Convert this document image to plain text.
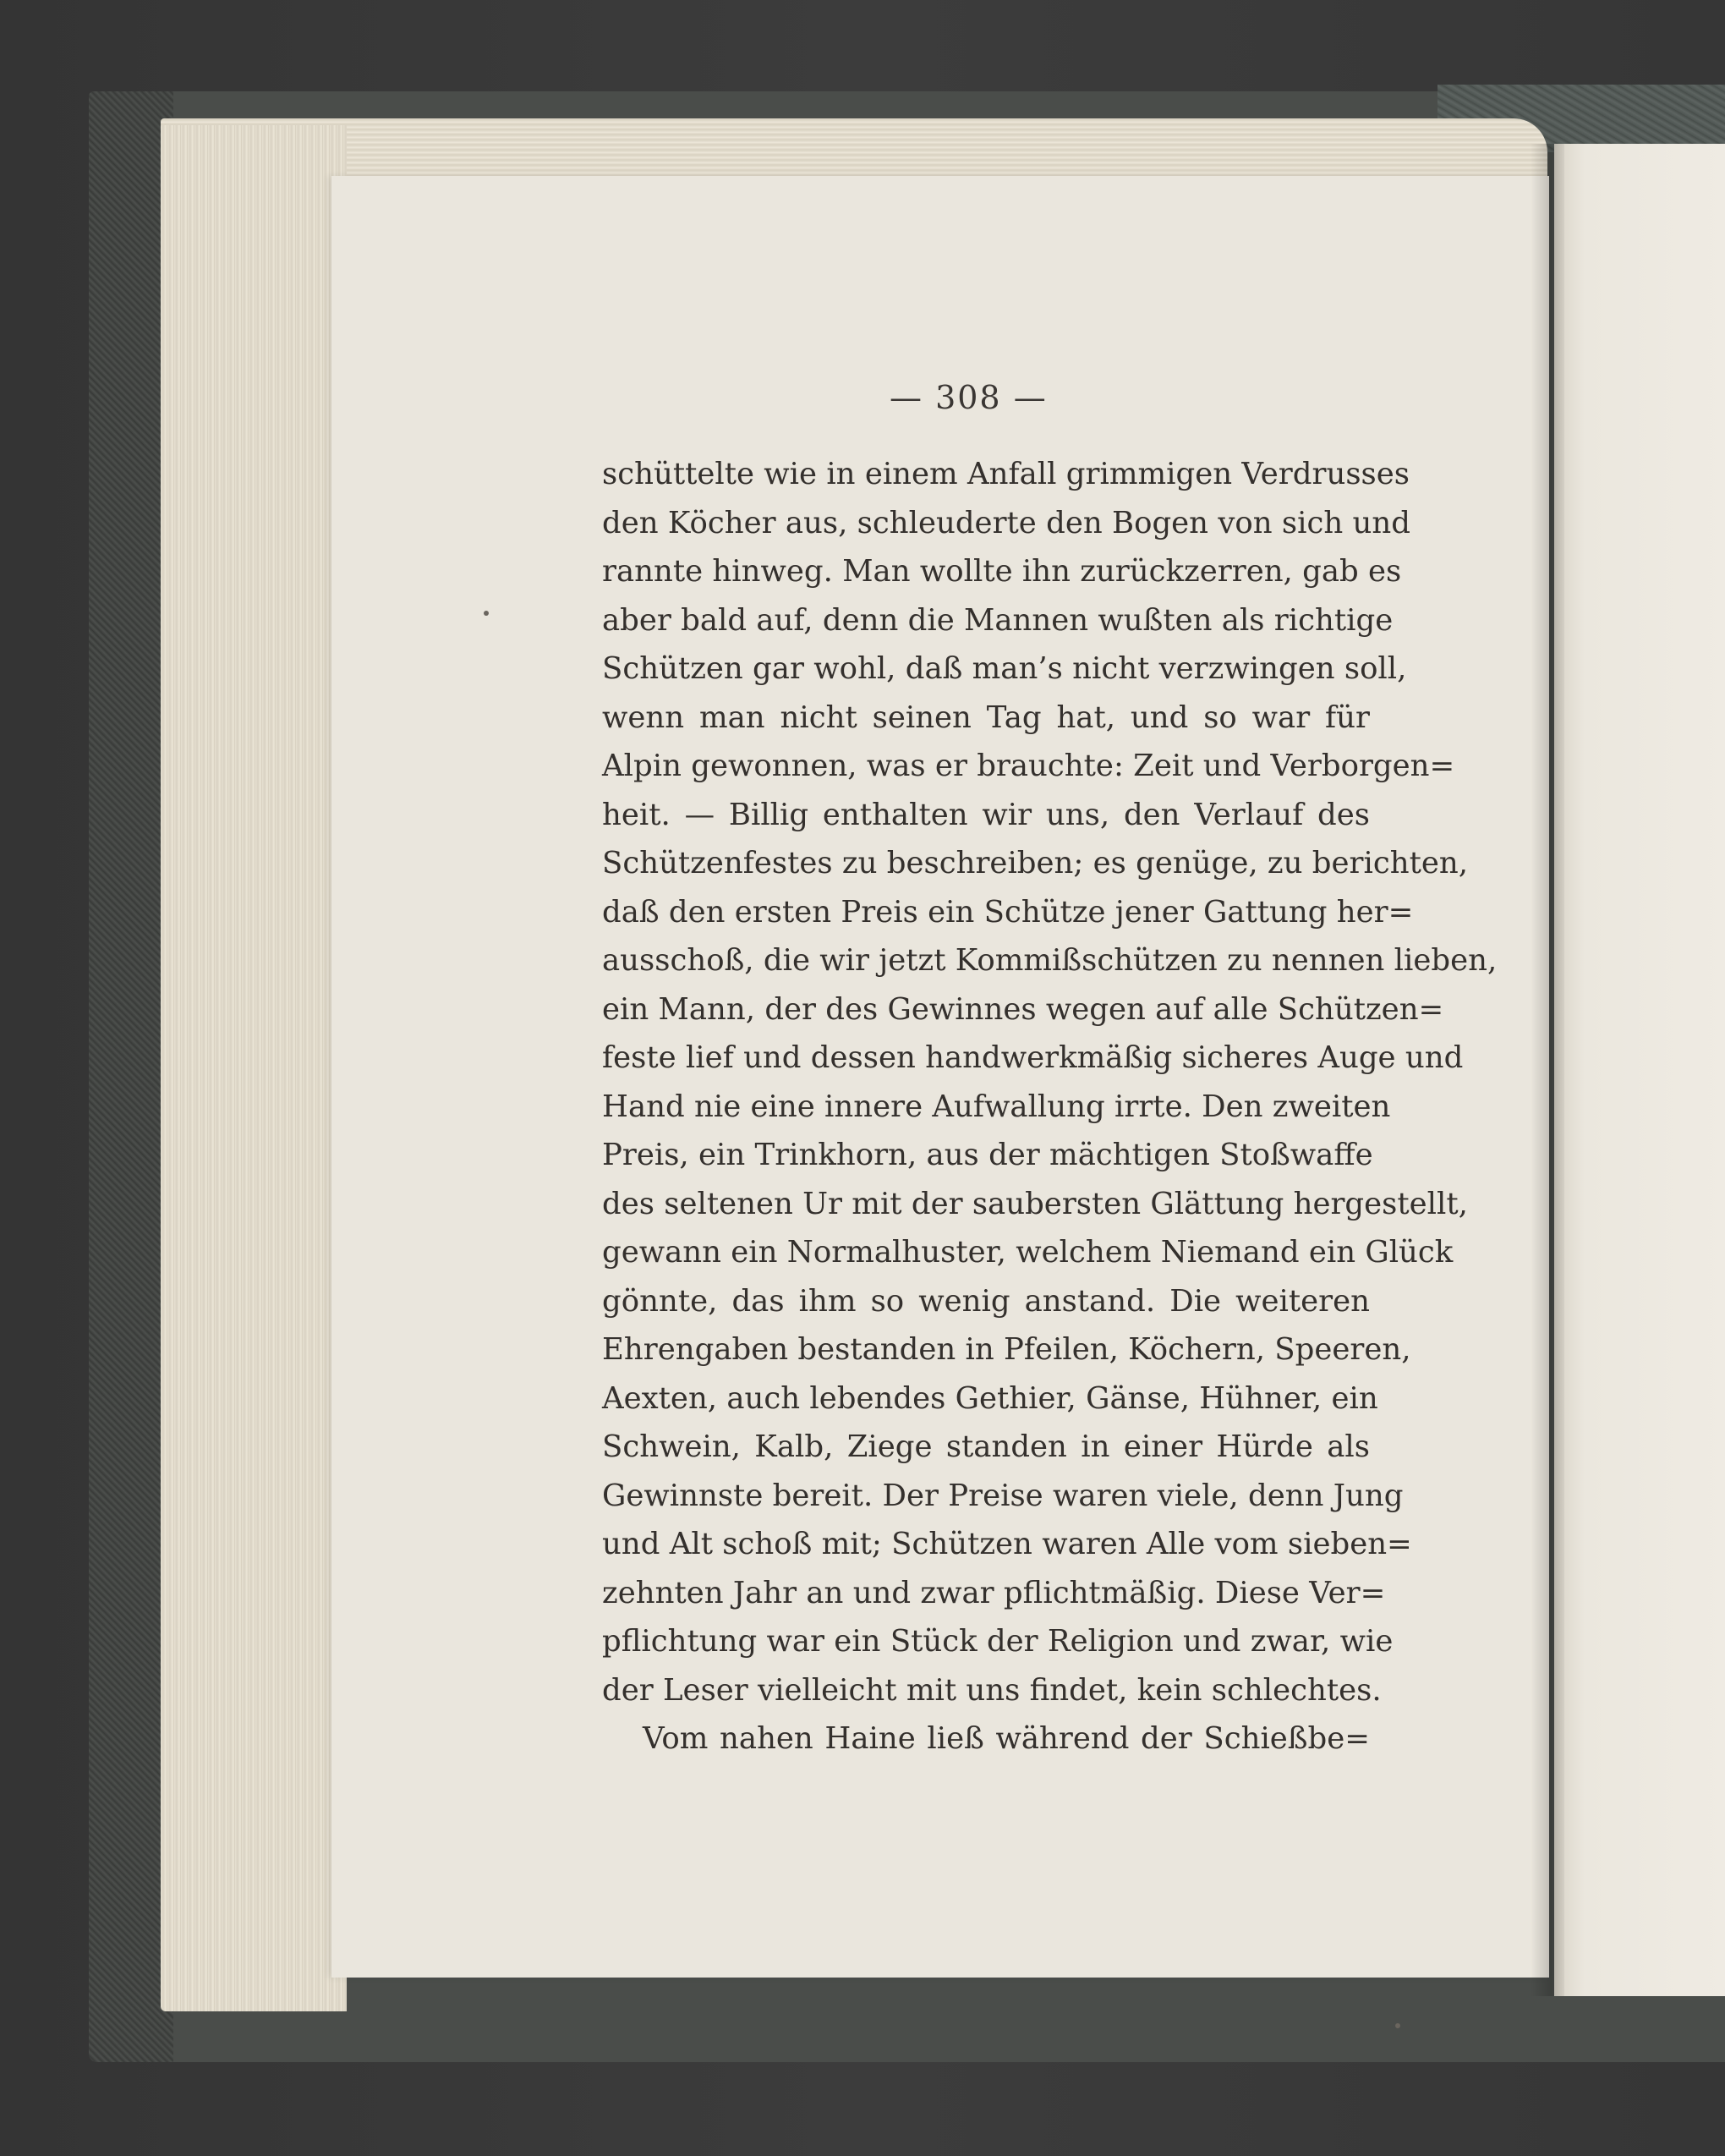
— 308 —
schüttelte wie in einem Anfall grimmigen Verdrusses
den Köcher aus, schleuderte den Bogen von sich und
rannte hinweg. Man wollte ihn zurückzerren, gab es
aber bald auf, denn die Mannen wußten als richtige
Schützen gar wohl, daß man’s nicht verzwingen soll,
wenn man nicht seinen Tag hat, und so war für
Alpin gewonnen, was er brauchte: Zeit und Verborgen=
heit. — Billig enthalten wir uns, den Verlauf des
Schützenfestes zu beschreiben; es genüge, zu berichten,
daß den ersten Preis ein Schütze jener Gattung her=
ausschoß, die wir jetzt Kommißschützen zu nennen lieben,
ein Mann, der des Gewinnes wegen auf alle Schützen=
feste lief und dessen handwerkmäßig sicheres Auge und
Hand nie eine innere Aufwallung irrte. Den zweiten
Preis, ein Trinkhorn, aus der mächtigen Stoßwaffe
des seltenen Ur mit der saubersten Glättung hergestellt,
gewann ein Normalhuster, welchem Niemand ein Glück
gönnte, das ihm so wenig anstand. Die weiteren
Ehrengaben bestanden in Pfeilen, Köchern, Speeren,
Aexten, auch lebendes Gethier, Gänse, Hühner, ein
Schwein, Kalb, Ziege standen in einer Hürde als
Gewinnste bereit. Der Preise waren viele, denn Jung
und Alt schoß mit; Schützen waren Alle vom sieben=
zehnten Jahr an und zwar pflichtmäßig. Diese Ver=
pflichtung war ein Stück der Religion und zwar, wie
der Leser vielleicht mit uns findet, kein schlechtes.
Vom nahen Haine ließ während der Schießbe=
